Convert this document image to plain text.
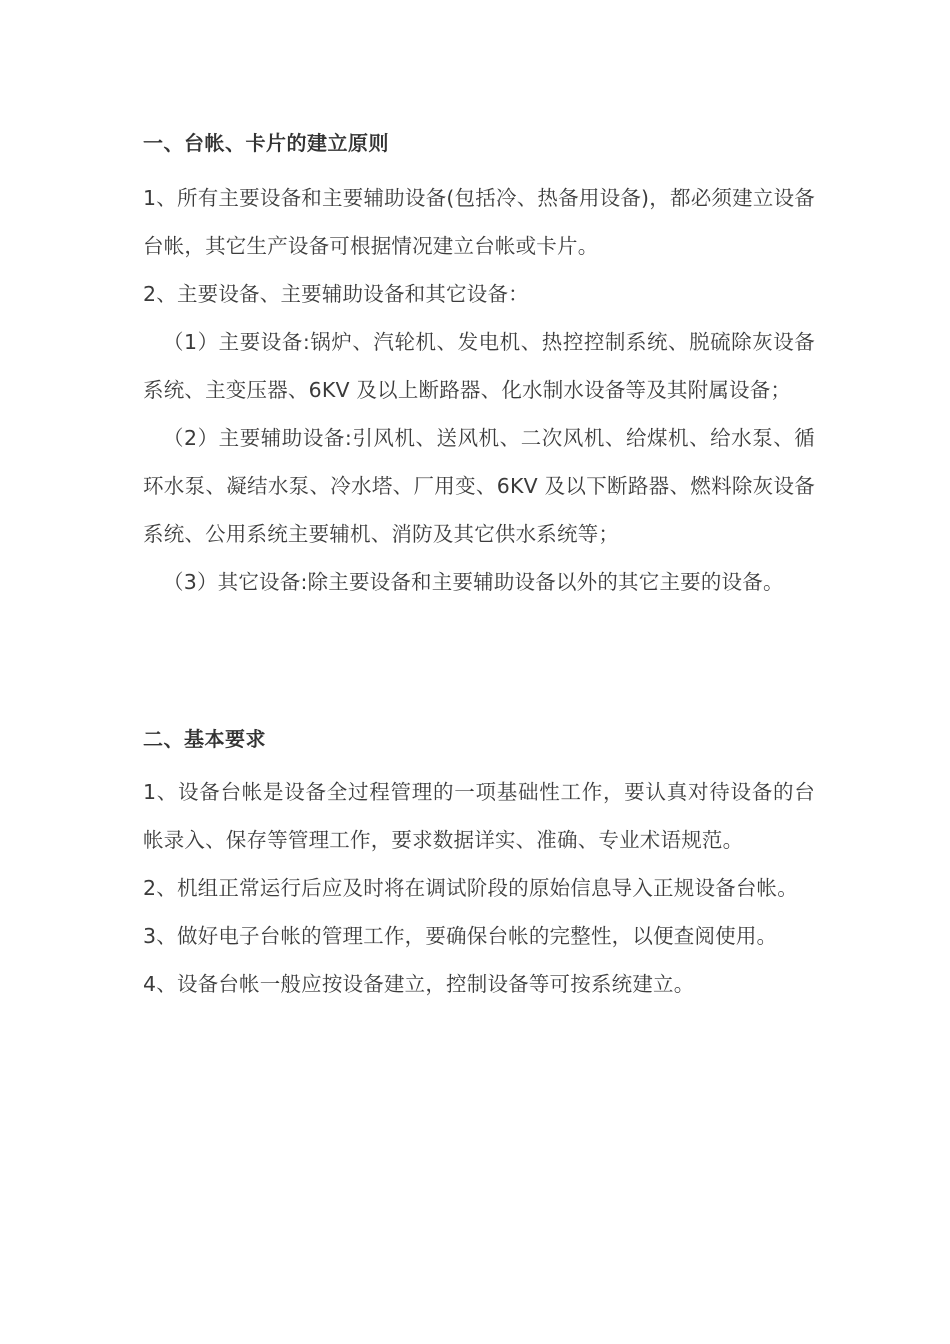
一、台帐、卡片的建立原则

1、所有主要设备和主要辅助设备(包括冷、热备用设备)，都必须建立设备台帐，其它生产设备可根据情况建立台帐或卡片。

2、主要设备、主要辅助设备和其它设备：

（1）主要设备:锅炉、汽轮机、发电机、热控控制系统、脱硫除灰设备系统、主变压器、6KV 及以上断路器、化水制水设备等及其附属设备；

（2）主要辅助设备:引风机、送风机、二次风机、给煤机、给水泵、循环水泵、凝结水泵、冷水塔、厂用变、6KV 及以下断路器、燃料除灰设备系统、公用系统主要辅机、消防及其它供水系统等；

（3）其它设备:除主要设备和主要辅助设备以外的其它主要的设备。

二、基本要求

1、设备台帐是设备全过程管理的一项基础性工作，要认真对待设备的台帐录入、保存等管理工作，要求数据详实、准确、专业术语规范。

2、机组正常运行后应及时将在调试阶段的原始信息导入正规设备台帐。

3、做好电子台帐的管理工作，要确保台帐的完整性，以便查阅使用。

4、设备台帐一般应按设备建立，控制设备等可按系统建立。
